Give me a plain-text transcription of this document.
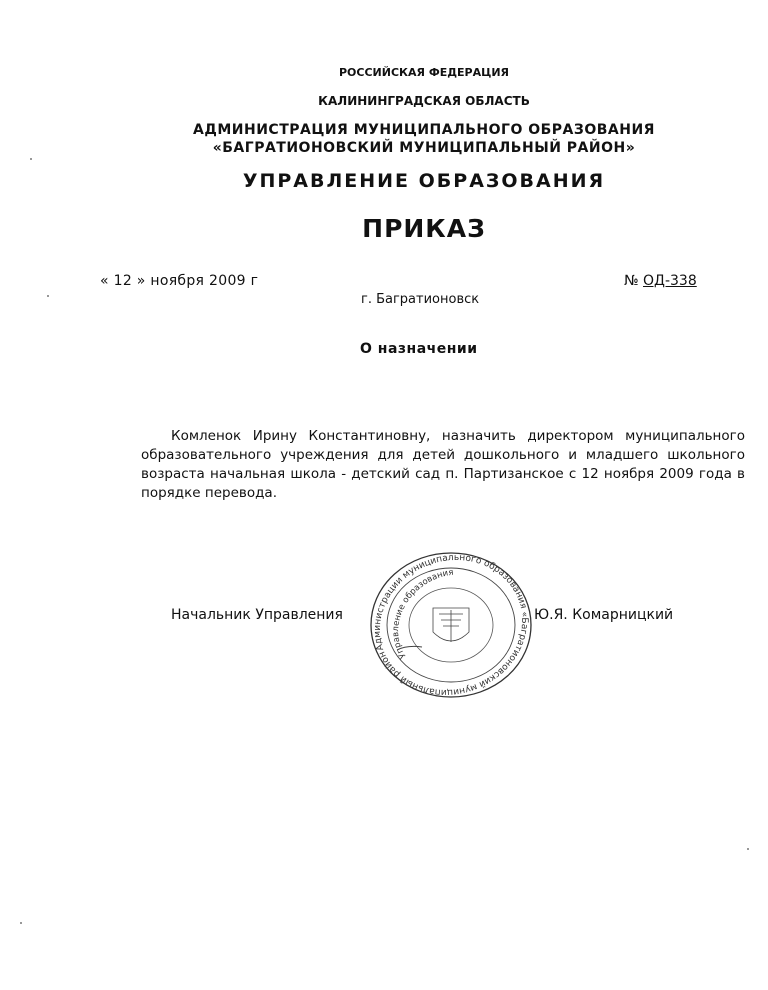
РОССИЙСКАЯ ФЕДЕРАЦИЯ
КАЛИНИНГРАДСКАЯ ОБЛАСТЬ
АДМИНИСТРАЦИЯ МУНИЦИПАЛЬНОГО ОБРАЗОВАНИЯ
«БАГРАТИОНОВСКИЙ МУНИЦИПАЛЬНЫЙ РАЙОН»
УПРАВЛЕНИЕ ОБРАЗОВАНИЯ
ПРИКАЗ
« 12 » ноября 2009 г	№ ОД-338
г. Багратионовск
О назначении
Комленок Ирину Константиновну, назначить директором муниципального образовательного учреждения для детей дошкольного и младшего школьного возраста начальная школа - детский сад п. Партизанское с 12 ноября 2009 года в порядке перевода.
Начальник Управления
Администрации муниципального образования «Багратионовский муниципальный район»
Управление образования
Ю.Я. Комарницкий
